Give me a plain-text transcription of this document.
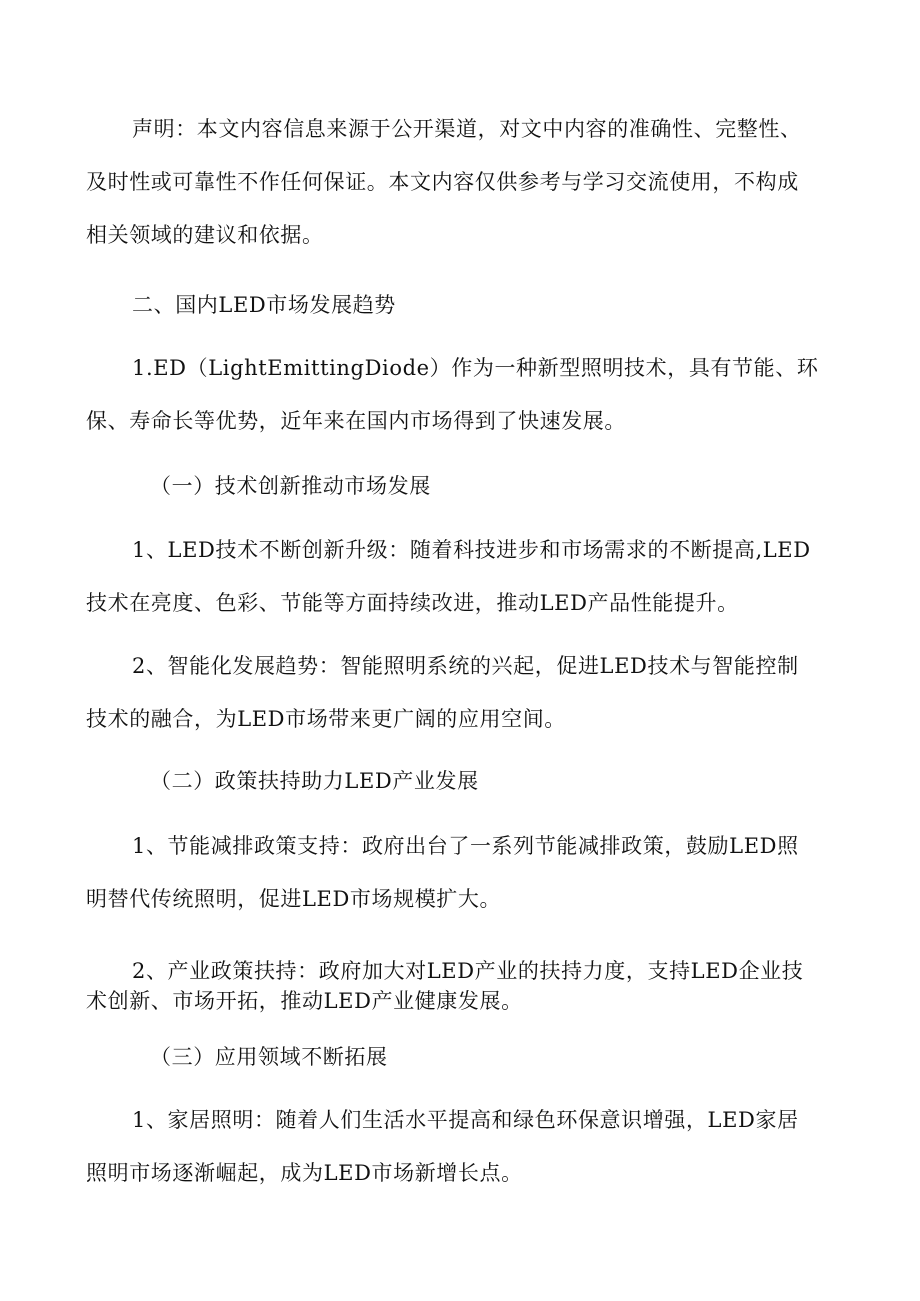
声明：本文内容信息来源于公开渠道，对文中内容的准确性、完整性、
及时性或可靠性不作任何保证。本文内容仅供参考与学习交流使用，不构成
相关领域的建议和依据。
二、国内LED市场发展趋势
1.ED（LightEmittingDiode）作为一种新型照明技术，具有节能、环
保、寿命长等优势，近年来在国内市场得到了快速发展。
（一）技术创新推动市场发展
1、LED技术不断创新升级：随着科技进步和市场需求的不断提高,LED
技术在亮度、色彩、节能等方面持续改进，推动LED产品性能提升。
2、智能化发展趋势：智能照明系统的兴起，促进LED技术与智能控制
技术的融合，为LED市场带来更广阔的应用空间。
（二）政策扶持助力LED产业发展
1、节能减排政策支持：政府出台了一系列节能减排政策，鼓励LED照
明替代传统照明，促进LED市场规模扩大。
2、产业政策扶持：政府加大对LED产业的扶持力度，支持LED企业技
术创新、市场开拓，推动LED产业健康发展。
（三）应用领域不断拓展
1、家居照明：随着人们生活水平提高和绿色环保意识增强，LED家居
照明市场逐渐崛起，成为LED市场新增长点。
